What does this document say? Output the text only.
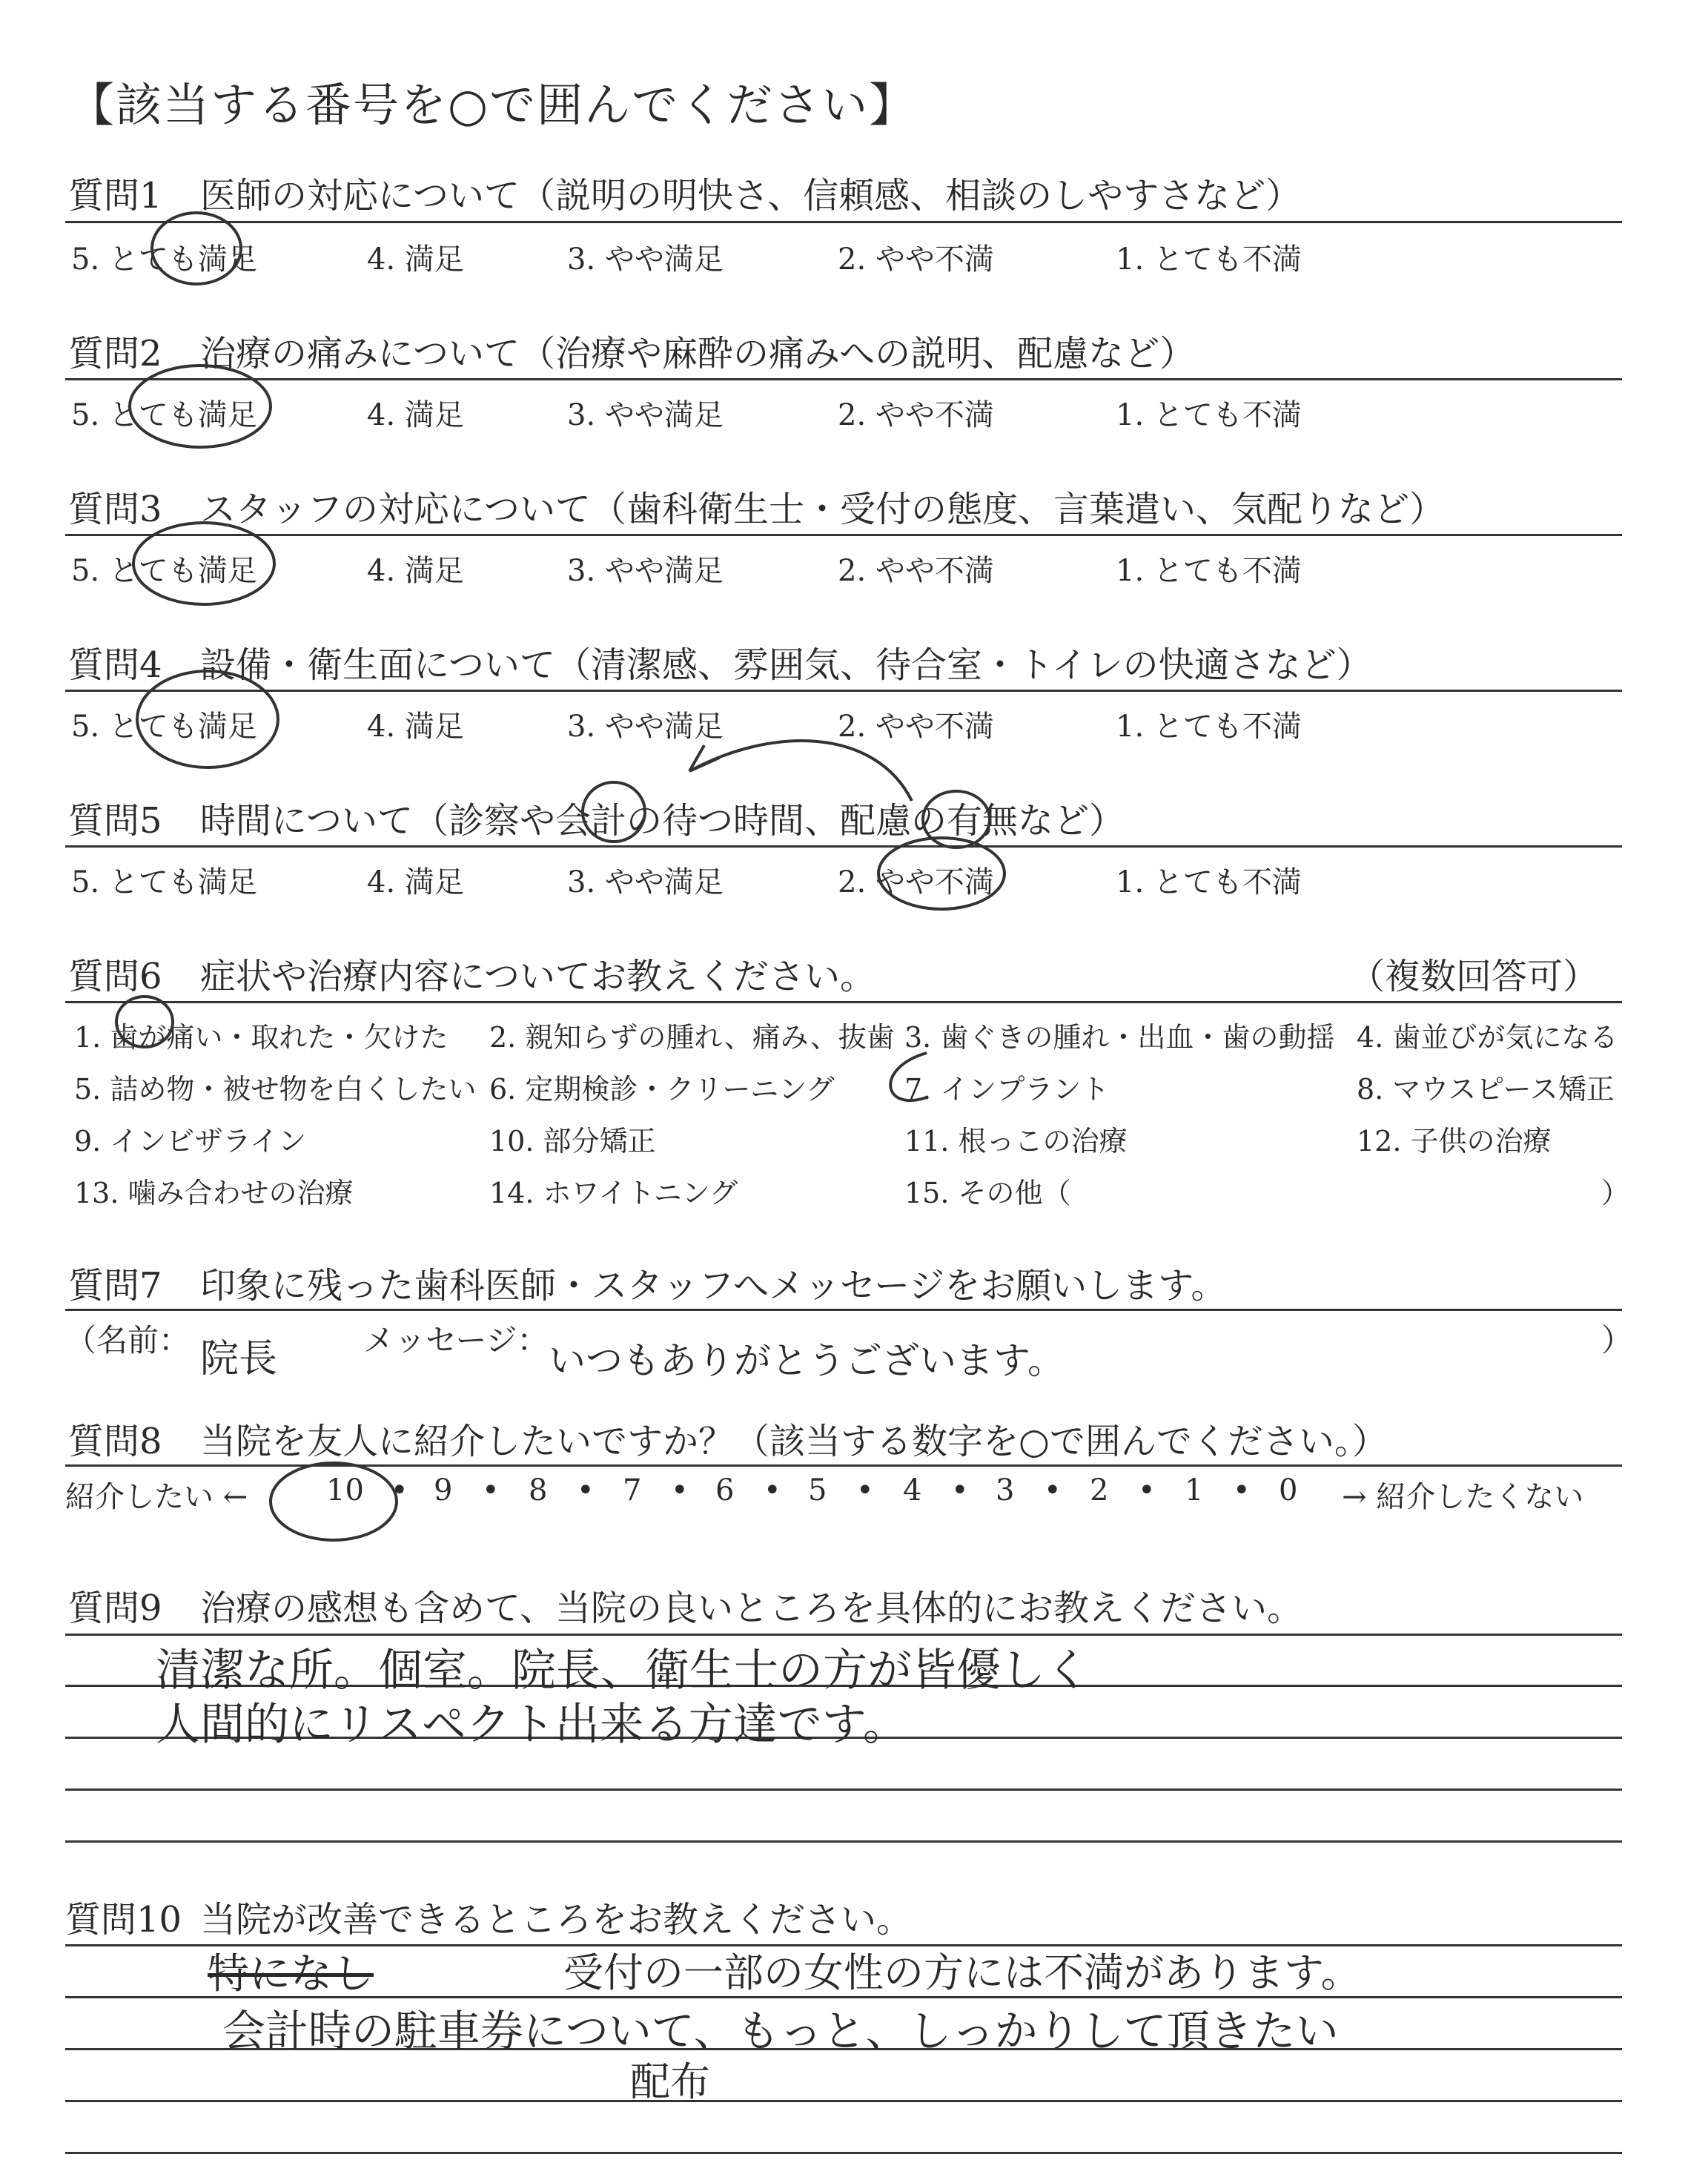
【該当する番号を○で囲んでください】
質問1 医師の対応について（説明の明快さ、信頼感、相談のしやすさなど）
5. とても満足	4. 満足	3. やや満足	2. やや不満	1. とても不満
質問2 治療の痛みについて（治療や麻酔の痛みへの説明、配慮など）
5. とても満足	4. 満足	3. やや満足	2. やや不満	1. とても不満
質問3 スタッフの対応について（歯科衛生士・受付の態度、言葉遣い、気配りなど）
5. とても満足	4. 満足	3. やや満足	2. やや不満	1. とても不満
質問4 設備・衛生面について（清潔感、雰囲気、待合室・トイレの快適さなど）
5. とても満足	4. 満足	3. やや満足	2. やや不満	1. とても不満
質問5 時間について（診察や会計の待つ時間、配慮の有無など）
5. とても満足	4. 満足	3. やや満足	2. やや不満	1. とても不満
質問6 症状や治療内容についてお教えください。	（複数回答可）
1. 歯が痛い・取れた・欠けた 2. 親知らずの腫れ、痛み、抜歯 3. 歯ぐきの腫れ・出血・歯の動揺 4. 歯並びが気になる
5. 詰め物・被せ物を白くしたい 6. 定期検診・クリーニング 7. インプラント	8. マウスピース矯正
9. インビザライン	10. 部分矯正	11. 根っこの治療	12. 子供の治療
13. 噛み合わせの治療	14. ホワイトニング	15. その他（	）
質問7 印象に残った歯科医師・スタッフへメッセージをお願いします。
（名前：	メッセージ：	）
院長	いつもありがとうございます。
質問8 当院を友人に紹介したいですか？（該当する数字を○で囲んでください。）
紹介したい ←	→ 紹介したくない
10 • 9 • 8 • 7 • 6 • 5 • 4 • 3 • 2 • 1 • 0
質問9 治療の感想も含めて、当院の良いところを具体的にお教えください。
清潔な所。個室。院長、衛生士の方が皆優しく
人間的にリスペクト出来る方達です。
質問10 当院が改善できるところをお教えください。
特になし	受付の一部の女性の方には不満があります。
会計時の駐車券について、もっと、しっかりして頂きたい
配布
